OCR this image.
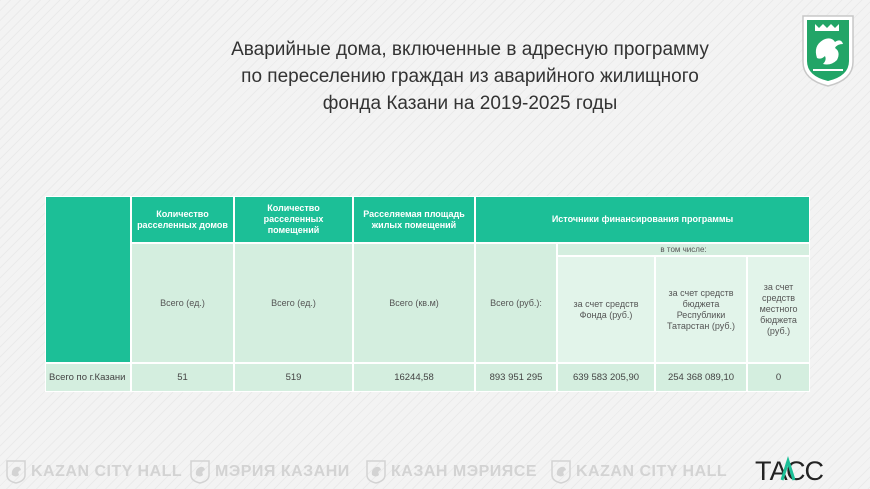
Аварийные дома, включенные в адресную программу
по переселению граждан из аварийного жилищного
фонда Казани на 2019-2025 годы
	Количество расселенных домов	Количество расселенных помещений	Расселяемая площадь жилых помещений	Источники финансирования программы			
	Всего (ед.)	Всего (ед.)	Всего (кв.м)	Всего (руб.):	в том числе:		
					за счет средств Фонда (руб.)	за счет средств бюджета Республики Татарстан (руб.)	за счет средств местного бюджета (руб.)
Всего по г.Казани	51	519	16244,58	893 951 295	639 583 205,90	254 368 089,10	0
KAZAN CITY HALL МЭРИЯ КАЗАНИ	КАЗАН МЭРИЯСЕ KAZAN CITY HALL ТАСС
